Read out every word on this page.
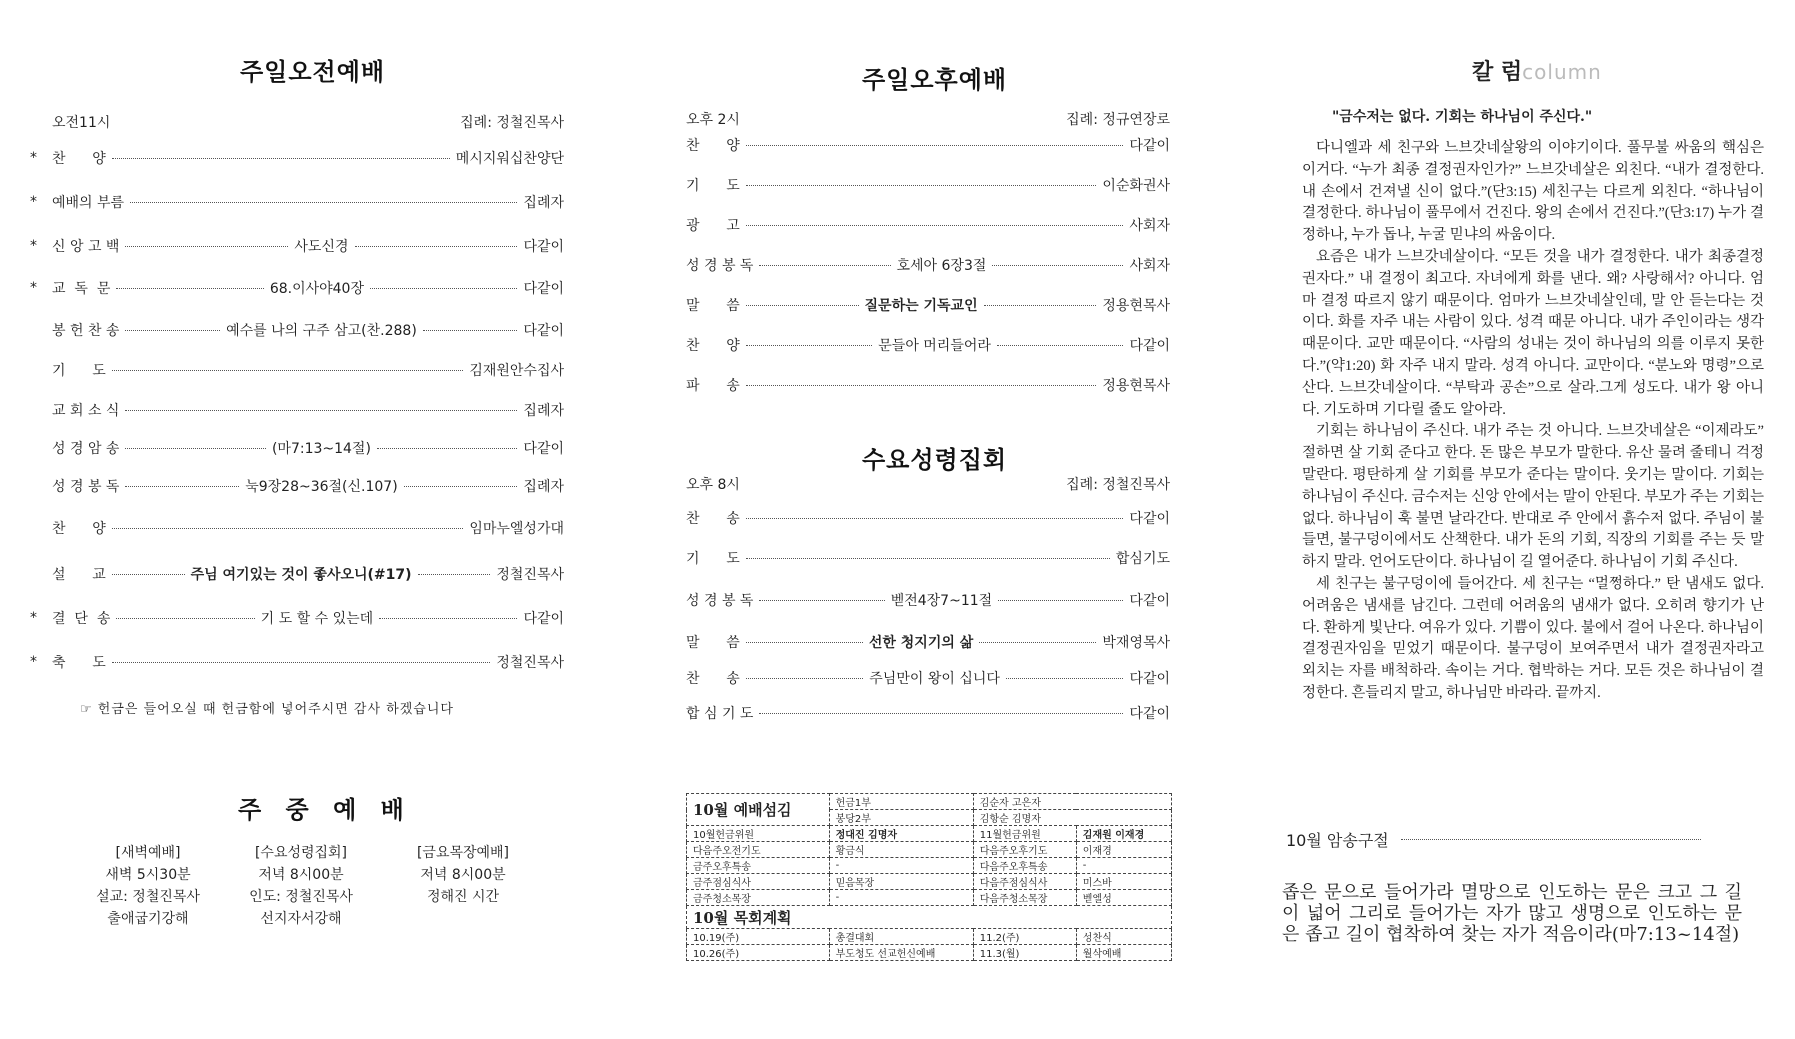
주일오전예배
오전11시	집례: 정철진목사
*	찬      양	메시지워십찬양단
*	예배의 부름	집례자
*	신 앙 고 백	사도신경	다같이
*	교  독  문	68.이사야40장	다같이
봉 헌 찬 송	예수를 나의 구주 삼고(찬.288)	다같이
기      도	김재원안수집사
교 회 소 식	집례자
성 경 암 송	(마7:13~14절)	다같이
성 경 봉 독	눅9장28~36절(신.107)	집례자
찬      양	임마누엘성가대
설      교	주님 여기있는 것이 좋사오니(#17)	정철진목사
*	결  단  송	기 도 할 수 있는데	다같이
*	축      도	정철진목사
☞ 헌금은 들어오실 때 헌금함에 넣어주시면 감사 하겠습니다
주 중 예 배
[새벽예배]
새벽 5시30분
설교: 정철진목사
출애굽기강해
[수요성령집회]
저녁 8시00분
인도: 정철진목사
선지자서강해
[금요목장예배]
저녁 8시00분
정해진 시간
주일오후예배
오후 2시	집례: 정규연장로
찬      양	다같이
기      도	이순화권사
광      고	사회자
성 경 봉 독	호세아 6장3절	사회자
말      씀	질문하는 기독교인	정용현목사
찬      양	문들아 머리들어라	다같이
파      송	정용현목사
수요성령집회
오후 8시	집례: 정철진목사
찬      송	다같이
기      도	합심기도
성 경 봉 독	벧전4장7~11절	다같이
말      씀	선한 청지기의 삶	박재영목사
찬      송	주님만이 왕이 십니다	다같이
합 심 기 도	다같이
10월 예배섬김	헌금1부	김순자 고은자	
	봉당2부	김항순 김명자	
10월헌금위원	정대진 김명자	11월헌금위원	김재원 이재경
다음주오전기도	황금식	다음주오후기도	이재경
금주오후특송	-	다음주오후특송	-
금주점심식사	믿음목장	다음주점심식사	미스바
금주청소목장	-	다음주청소목장	벧엘성
10월 목회계획			
10.19(주)	총결대회	11.2(주)	성찬식
10.26(주)	부도청도 선교헌신예배	11.3(월)	월삭예배
칼 럼column
"금수저는 없다. 기회는 하나님이 주신다."

다니엘과 세 친구와 느브갓네살왕의 이야기이다. 풀무불 싸움의 핵심은 이거다. “누가 최종 결정권자인가?” 느브갓네살은 외친다. “내가 결정한다. 내 손에서 건져낼 신이 없다.”(단3:15) 세친구는 다르게 외친다. “하나님이 결정한다. 하나님이 풀무에서 건진다. 왕의 손에서 건진다.”(단3:17) 누가 결정하나, 누가 돕나, 누굴 믿냐의 싸움이다.

요즘은 내가 느브갓네살이다. “모든 것을 내가 결정한다. 내가 최종결정권자다.” 내 결정이 최고다. 자녀에게 화를 낸다. 왜? 사랑해서? 아니다. 엄마 결정 따르지 않기 때문이다. 엄마가 느브갓네살인데, 말 안 듣는다는 것이다. 화를 자주 내는 사람이 있다. 성격 때문 아니다. 내가 주인이라는 생각 때문이다. 교만 때문이다. “사람의 성내는 것이 하나님의 의를 이루지 못한다.”(약1:20) 화 자주 내지 말라. 성격 아니다. 교만이다. “분노와 명령”으로 산다. 느브갓네살이다. “부탁과 공손”으로 살라.그게 성도다. 내가 왕 아니다. 기도하며 기다릴 줄도 알아라.

기회는 하나님이 주신다. 내가 주는 것 아니다. 느브갓네살은 “이제라도” 절하면 살 기회 준다고 한다. 돈 많은 부모가 말한다. 유산 물려 줄테니 걱정말란다. 평탄하게 살 기회를 부모가 준다는 말이다. 웃기는 말이다. 기회는 하나님이 주신다. 금수저는 신앙 안에서는 말이 안된다. 부모가 주는 기회는 없다. 하나님이 훅 불면 날라간다. 반대로 주 안에서 흙수저 없다. 주님이 불들면, 불구덩이에서도 산책한다. 내가 돈의 기회, 직장의 기회를 주는 듯 말하지 말라. 언어도단이다. 하나님이 길 열어준다. 하나님이 기회 주신다.

세 친구는 불구덩이에 들어간다. 세 친구는 “멀쩡하다.” 탄 냄새도 없다. 어려움은 냄새를 남긴다. 그런데 어려움의 냄새가 없다. 오히려 향기가 난다. 환하게 빛난다. 여유가 있다. 기쁨이 있다. 불에서 걸어 나온다. 하나님이 결정권자임을 믿었기 때문이다. 불구덩이 보여주면서 내가 결정권자라고 외치는 자를 배척하라. 속이는 거다. 협박하는 거다. 모든 것은 하나님이 결정한다. 흔들리지 말고, 하나님만 바라라. 끝까지.

10월 암송구절
좁은 문으로 들어가라 멸망으로 인도하는 문은 크고 그 길이 넓어 그리로 들어가는 자가 많고 생명으로 인도하는 문은 좁고 길이 협착하여 찾는 자가 적음이라(마7:13~14절)
